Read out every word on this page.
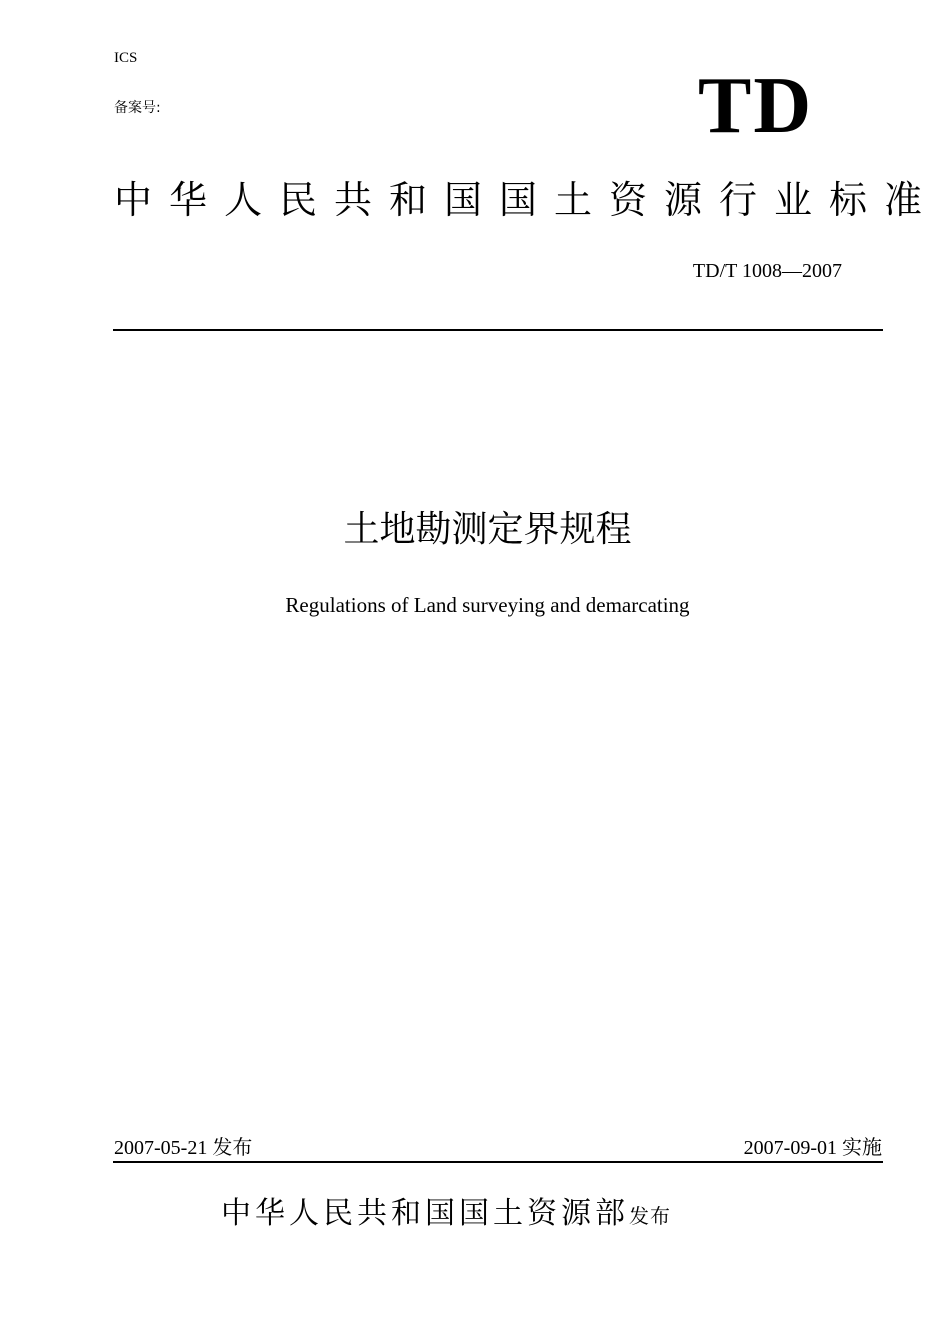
ICS
备案号:	TD
中华人民共和国国土资源行业标准
TD/T 1008—2007
土地勘测定界规程
Regulations of Land surveying and demarcating
2007-05-21 发布	2007-09-01 实施
中华人民共和国国土资源部发布
